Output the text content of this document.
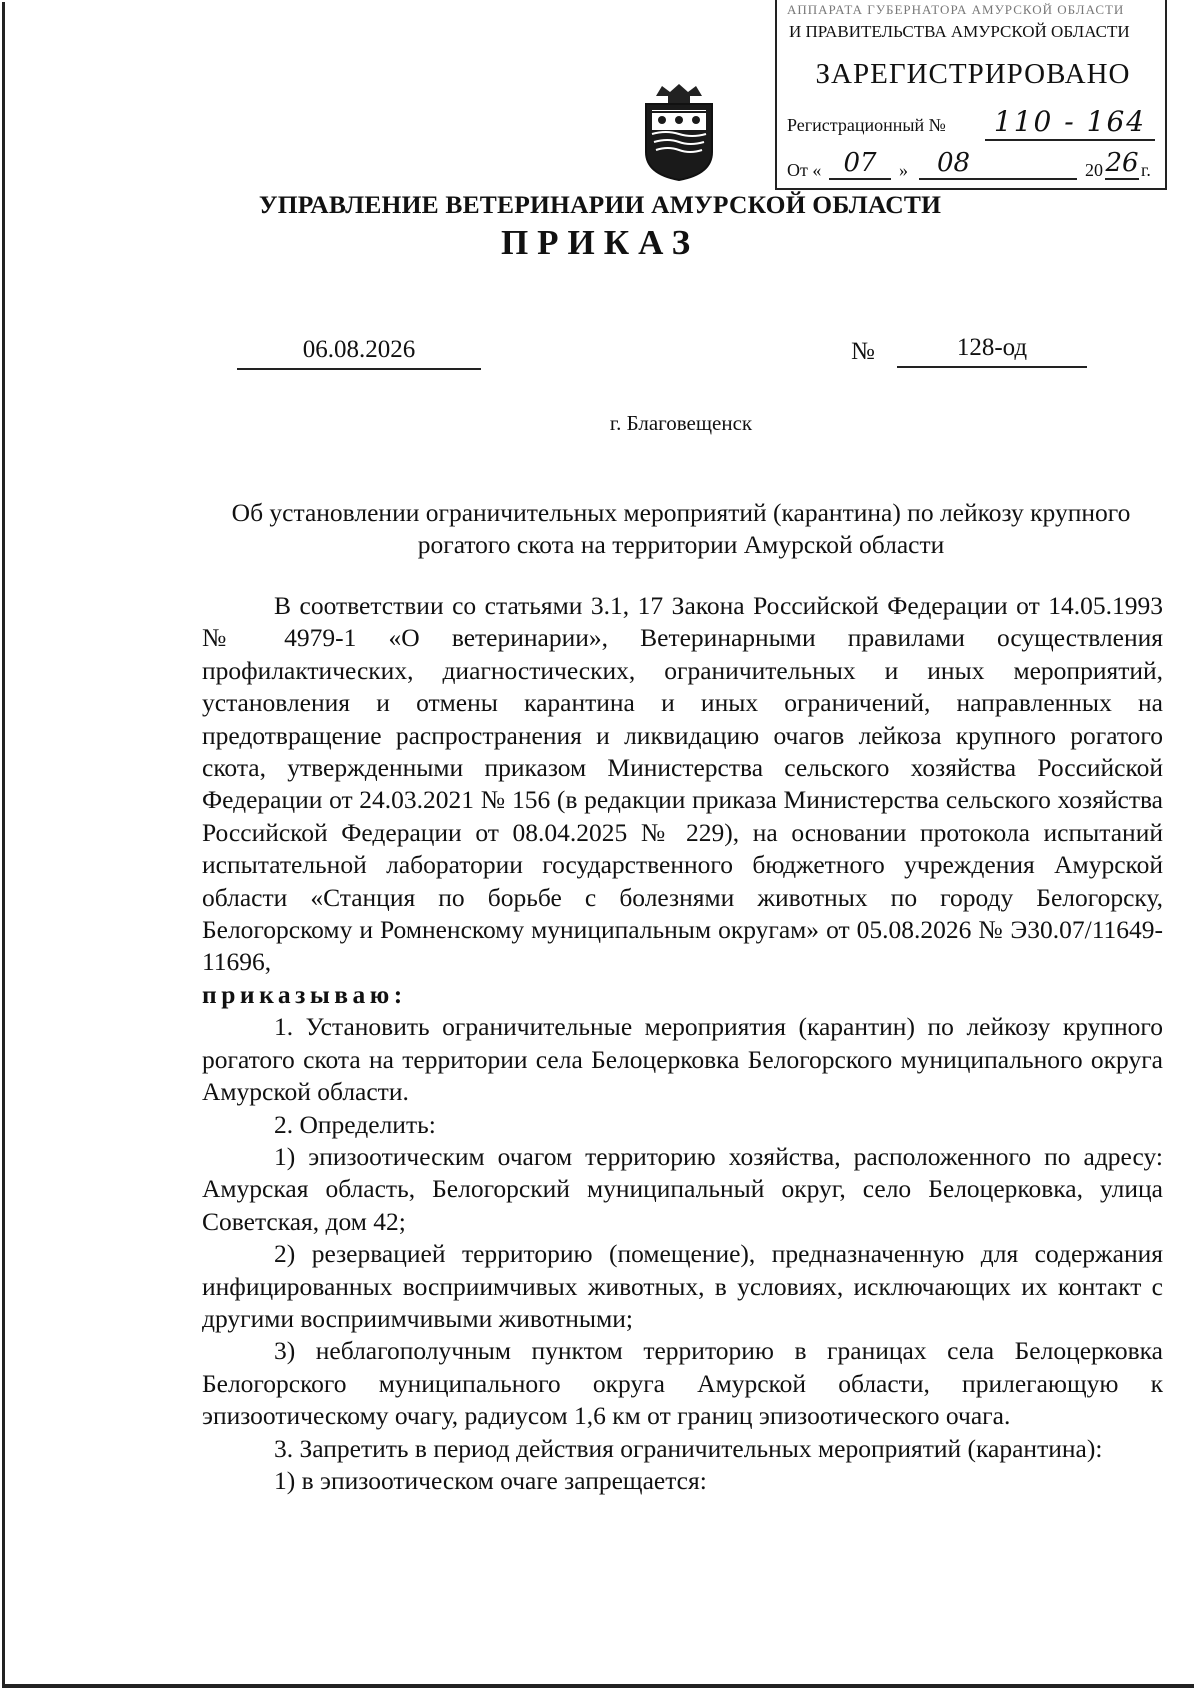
АППАРАТА ГУБЕРНАТОРА АМУРСКОЙ ОБЛАСТИ
И ПРАВИТЕЛЬСТВА АМУРСКОЙ ОБЛАСТИ
ЗАРЕГИСТРИРОВАНО
Регистрационный №	110 - 164
От « 07	»	08	20 26 г.
УПРАВЛЕНИЕ ВЕТЕРИНАРИИ АМУРСКОЙ ОБЛАСТИ
ПРИКАЗ
06.08.2026	№	128-од
г. Благовещенск
Об установлении ограничительных мероприятий (карантина) по лейкозу крупного рогатого скота на территории Амурской области

В соответствии со статьями 3.1, 17 Закона Российской Федерации от 14.05.1993 № 4979-1 «О ветеринарии», Ветеринарными правилами осуществления профилактических, диагностических, ограничительных и иных мероприятий, установления и отмены карантина и иных ограничений, направленных на предотвращение распространения и ликвидацию очагов лейкоза крупного рогатого скота, утвержденными приказом Министерства сельского хозяйства Российской Федерации от 24.03.2021 № 156 (в редакции приказа Министерства сельского хозяйства Российской Федерации от 08.04.2025 № 229), на основании протокола испытаний испытательной лаборатории государственного бюджетного учреждения Амурской области «Станция по борьбе с болезнями животных по городу Белогорску, Белогорскому и Ромненскому муниципальным округам» от 05.08.2026 № Э30.07/11649-11696,

приказываю:

1. Установить ограничительные мероприятия (карантин) по лейкозу крупного рогатого скота на территории села Белоцерковка Белогорского муниципального округа Амурской области.

2. Определить:

1) эпизоотическим очагом территорию хозяйства, расположенного по адресу: Амурская область, Белогорский муниципальный округ, село Белоцерковка, улица Советская, дом 42;

2) резервацией территорию (помещение), предназначенную для содержания инфицированных восприимчивых животных, в условиях, исключающих их контакт с другими восприимчивыми животными;

3) неблагополучным пунктом территорию в границах села Белоцерковка Белогорского муниципального округа Амурской области, прилегающую к эпизоотическому очагу, радиусом 1,6 км от границ эпизоотического очага.

3. Запретить в период действия ограничительных мероприятий (карантина):

1) в эпизоотическом очаге запрещается:
